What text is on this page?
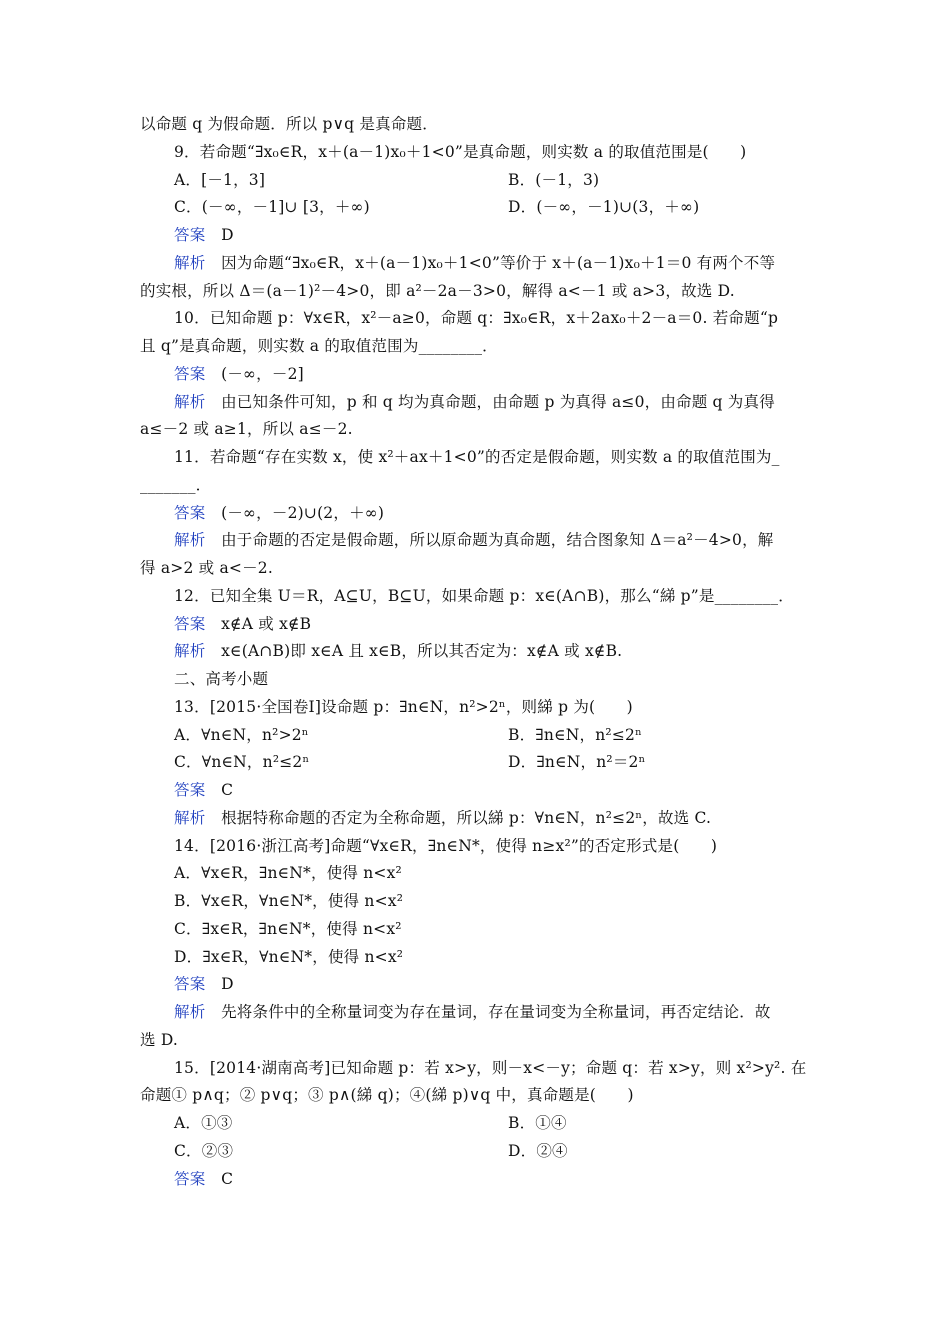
以命题 q 为假命题．所以 p∨q 是真命题．
9．若命题“∃x₀∈R，x＋(a－1)x₀＋1<0”是真命题，则实数 a 的取值范围是(　　)
A．[－1，3]	B．(－1，3)
C．(－∞，－1]∪ [3，＋∞)	D．(－∞，－1)∪(3，＋∞)
答案　 D
解析　 因为命题“∃x₀∈R，x＋(a－1)x₀＋1<0”等价于 x＋(a－1)x₀＋1＝0 有两个不等
的实根，所以 Δ＝(a－1)²－4>0，即 a²－2a－3>0，解得 a<－1 或 a>3，故选 D.
10．已知命题 p：∀x∈R，x²－a≥0，命题 q：∃x₀∈R，x＋2ax₀＋2－a＝0. 若命题“p
且 q”是真命题，则实数 a 的取值范围为________．
答案　 (－∞，－2]
解析　 由已知条件可知，p 和 q 均为真命题，由命题 p 为真得 a≤0，由命题 q 为真得
a≤－2 或 a≥1，所以 a≤－2.
11．若命题“存在实数 x，使 x²＋ax＋1<0”的否定是假命题，则实数 a 的取值范围为_
_______．
答案　 (－∞，－2)∪(2，＋∞)
解析　 由于命题的否定是假命题，所以原命题为真命题，结合图象知 Δ＝a²－4>0，解
得 a>2 或 a<－2.
12．已知全集 U＝R，A⊆U，B⊆U，如果命题 p：x∈(A∩B)，那么“綈 p”是________．
答案　 x∉A 或 x∉B
解析　 x∈(A∩B)即 x∈A 且 x∈B，所以其否定为：x∉A 或 x∉B.
二、高考小题
13．[2015·全国卷Ⅰ]设命题 p：∃n∈N，n²>2ⁿ，则綈 p 为(　　)
A．∀n∈N，n²>2ⁿ	B．∃n∈N，n²≤2ⁿ
C．∀n∈N，n²≤2ⁿ	D．∃n∈N，n²＝2ⁿ
答案　 C
解析　 根据特称命题的否定为全称命题，所以綈 p：∀n∈N，n²≤2ⁿ，故选 C.
14．[2016·浙江高考]命题“∀x∈R，∃n∈N*，使得 n≥x²”的否定形式是(　　)
A．∀x∈R，∃n∈N*，使得 n<x²
B．∀x∈R，∀n∈N*，使得 n<x²
C．∃x∈R，∃n∈N*，使得 n<x²
D．∃x∈R，∀n∈N*，使得 n<x²
答案　 D
解析　 先将条件中的全称量词变为存在量词，存在量词变为全称量词，再否定结论．故
选 D.
15．[2014·湖南高考]已知命题 p：若 x>y，则－x<－y；命题 q：若 x>y，则 x²>y². 在
命题① p∧q；② p∨q；③ p∧(綈 q)；④(綈 p)∨q 中，真命题是(　　)
A．①③	B．①④
C．②③	D．②④
答案　 C
